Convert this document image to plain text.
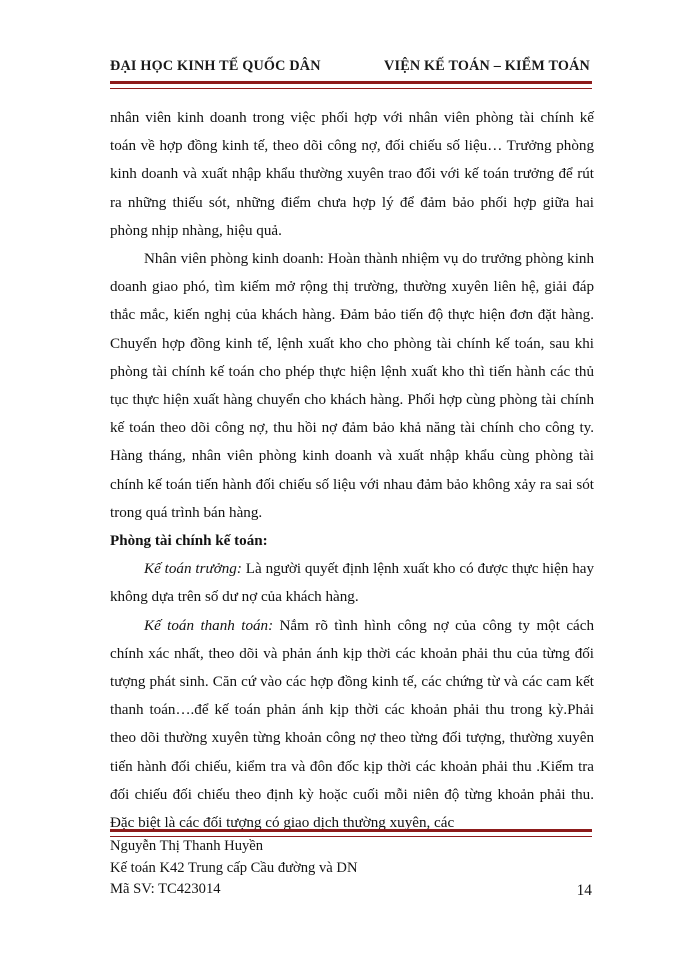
ĐẠI HỌC KINH TẾ QUỐC DÂN	VIỆN KẾ TOÁN – KIỂM TOÁN

nhân viên kinh doanh trong việc phối hợp với nhân viên phòng tài chính kế toán về hợp đồng kinh tế, theo dõi công nợ, đối chiếu số liệu… Trưởng phòng kinh doanh và xuất nhập khẩu thường xuyên trao đổi với kế toán trưởng để rút ra những thiếu sót, những điểm chưa hợp lý để đảm bảo phối hợp giữa hai phòng nhịp nhàng, hiệu quả.

Nhân viên phòng kinh doanh: Hoàn thành nhiệm vụ do trưởng phòng kinh doanh giao phó, tìm kiếm mở rộng thị trường, thường xuyên liên hệ, giải đáp thắc mắc, kiến nghị của khách hàng. Đảm bảo tiến độ thực hiện đơn đặt hàng. Chuyển hợp đồng kinh tế, lệnh xuất kho cho phòng tài chính kế toán, sau khi phòng tài chính kế toán cho phép thực hiện lệnh xuất kho thì tiến hành các thủ tục thực hiện xuất hàng chuyển cho khách hàng. Phối hợp cùng phòng tài chính kế toán theo dõi công nợ, thu hồi nợ đảm bảo khả năng tài chính cho công ty. Hàng tháng, nhân viên phòng kinh doanh và xuất nhập khẩu cùng phòng tài chính kế toán tiến hành đối chiếu số liệu với nhau đảm bảo không xảy ra sai sót trong quá trình bán hàng.

Phòng tài chính kế toán:

Kế toán trưởng: Là người quyết định lệnh xuất kho có được thực hiện hay không dựa trên số dư nợ của khách hàng.

Kế toán thanh toán: Nắm rõ tình hình công nợ của công ty một cách chính xác nhất, theo dõi và phản ánh kịp thời các khoản phải thu của từng đối tượng phát sinh. Căn cứ vào các hợp đồng kinh tế, các chứng từ và các cam kết thanh toán….để kế toán phản ánh kịp thời các khoản phải thu trong kỳ.Phải theo dõi thường xuyên từng khoản công nợ theo từng đối tượng, thường xuyên tiến hành đối chiếu, kiểm tra và đôn đốc kịp thời các khoản phải thu .Kiểm tra đối chiếu đối chiếu theo định kỳ hoặc cuối mỗi niên độ từng khoản phải thu. Đặc biệt là các đối tượng có giao dịch thường xuyên, các

Nguyễn Thị Thanh Huyền
Kế toán K42 Trung cấp Cầu đường và DN
Mã SV: TC423014	14
